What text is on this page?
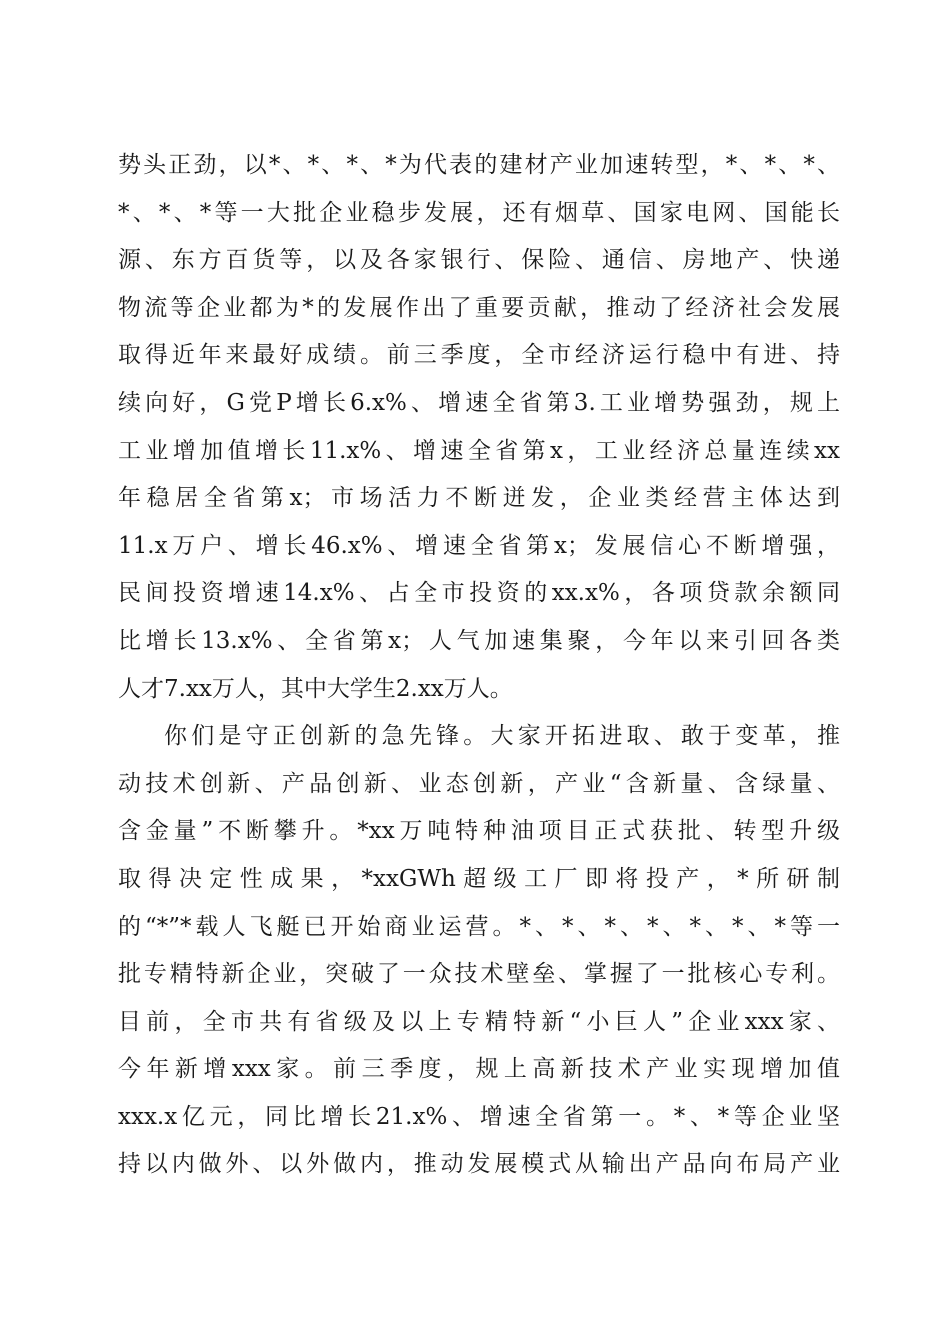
势头正劲，以*、*、*、*为代表的建材产业加速转型，*、*、*、
*、*、*等一大批企业稳步发展，还有烟草、国家电网、国能长
源、东方百货等，以及各家银行、保险、通信、房地产、快递
物流等企业都为*的发展作出了重要贡献，推动了经济社会发展
取得近年来最好成绩。前三季度，全市经济运行稳中有进、持
续向好，G党P增长6.x%、增速全省第3.工业增势强劲，规上
工业增加值增长11.x%、增速全省第x，工业经济总量连续xx
年稳居全省第x；市场活力不断迸发，企业类经营主体达到
11.x万户、增长46.x%、增速全省第x；发展信心不断增强，
民间投资增速14.x%、占全市投资的xx.x%，各项贷款余额同
比增长13.x%、全省第x；人气加速集聚，今年以来引回各类
人才7.xx万人，其中大学生2.xx万人。
你们是守正创新的急先锋。大家开拓进取、敢于变革，推
动技术创新、产品创新、业态创新，产业“含新量、含绿量、
含金量”不断攀升。*xx万吨特种油项目正式获批、转型升级
取得决定性成果，*xxGWh超级工厂即将投产，*所研制
的“*”*载人飞艇已开始商业运营。*、*、*、*、*、*、*等一
批专精特新企业，突破了一众技术壁垒、掌握了一批核心专利。
目前，全市共有省级及以上专精特新“小巨人”企业xxx家、
今年新增xxx家。前三季度，规上高新技术产业实现增加值
xxx.x亿元，同比增长21.x%、增速全省第一。*、*等企业坚
持以内做外、以外做内，推动发展模式从输出产品向布局产业
